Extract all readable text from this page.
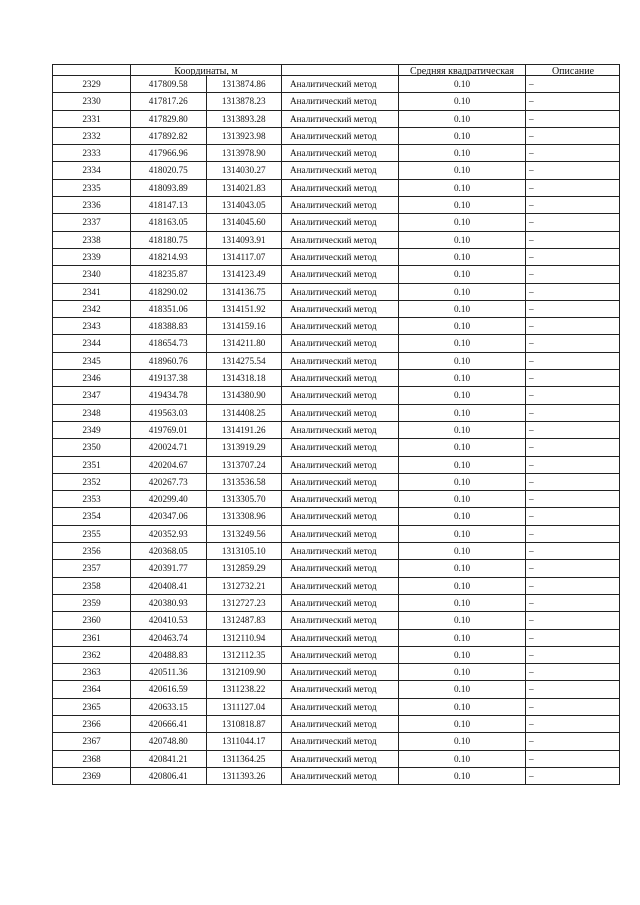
	Координаты, м			Средняя квадратическая	Описание

2329	417809.58	1313874.86	Аналитический метод	0.10	–
2330	417817.26	1313878.23	Аналитический метод	0.10	–
2331	417829.80	1313893.28	Аналитический метод	0.10	–
2332	417892.82	1313923.98	Аналитический метод	0.10	–
2333	417966.96	1313978.90	Аналитический метод	0.10	–
2334	418020.75	1314030.27	Аналитический метод	0.10	–
2335	418093.89	1314021.83	Аналитический метод	0.10	–
2336	418147.13	1314043.05	Аналитический метод	0.10	–
2337	418163.05	1314045.60	Аналитический метод	0.10	–
2338	418180.75	1314093.91	Аналитический метод	0.10	–
2339	418214.93	1314117.07	Аналитический метод	0.10	–
2340	418235.87	1314123.49	Аналитический метод	0.10	–
2341	418290.02	1314136.75	Аналитический метод	0.10	–
2342	418351.06	1314151.92	Аналитический метод	0.10	–
2343	418388.83	1314159.16	Аналитический метод	0.10	–
2344	418654.73	1314211.80	Аналитический метод	0.10	–
2345	418960.76	1314275.54	Аналитический метод	0.10	–
2346	419137.38	1314318.18	Аналитический метод	0.10	–
2347	419434.78	1314380.90	Аналитический метод	0.10	–
2348	419563.03	1314408.25	Аналитический метод	0.10	–
2349	419769.01	1314191.26	Аналитический метод	0.10	–
2350	420024.71	1313919.29	Аналитический метод	0.10	–
2351	420204.67	1313707.24	Аналитический метод	0.10	–
2352	420267.73	1313536.58	Аналитический метод	0.10	–
2353	420299.40	1313305.70	Аналитический метод	0.10	–
2354	420347.06	1313308.96	Аналитический метод	0.10	–
2355	420352.93	1313249.56	Аналитический метод	0.10	–
2356	420368.05	1313105.10	Аналитический метод	0.10	–
2357	420391.77	1312859.29	Аналитический метод	0.10	–
2358	420408.41	1312732.21	Аналитический метод	0.10	–
2359	420380.93	1312727.23	Аналитический метод	0.10	–
2360	420410.53	1312487.83	Аналитический метод	0.10	–
2361	420463.74	1312110.94	Аналитический метод	0.10	–
2362	420488.83	1312112.35	Аналитический метод	0.10	–
2363	420511.36	1312109.90	Аналитический метод	0.10	–
2364	420616.59	1311238.22	Аналитический метод	0.10	–
2365	420633.15	1311127.04	Аналитический метод	0.10	–
2366	420666.41	1310818.87	Аналитический метод	0.10	–
2367	420748.80	1311044.17	Аналитический метод	0.10	–
2368	420841.21	1311364.25	Аналитический метод	0.10	–
2369	420806.41	1311393.26	Аналитический метод	0.10	–
